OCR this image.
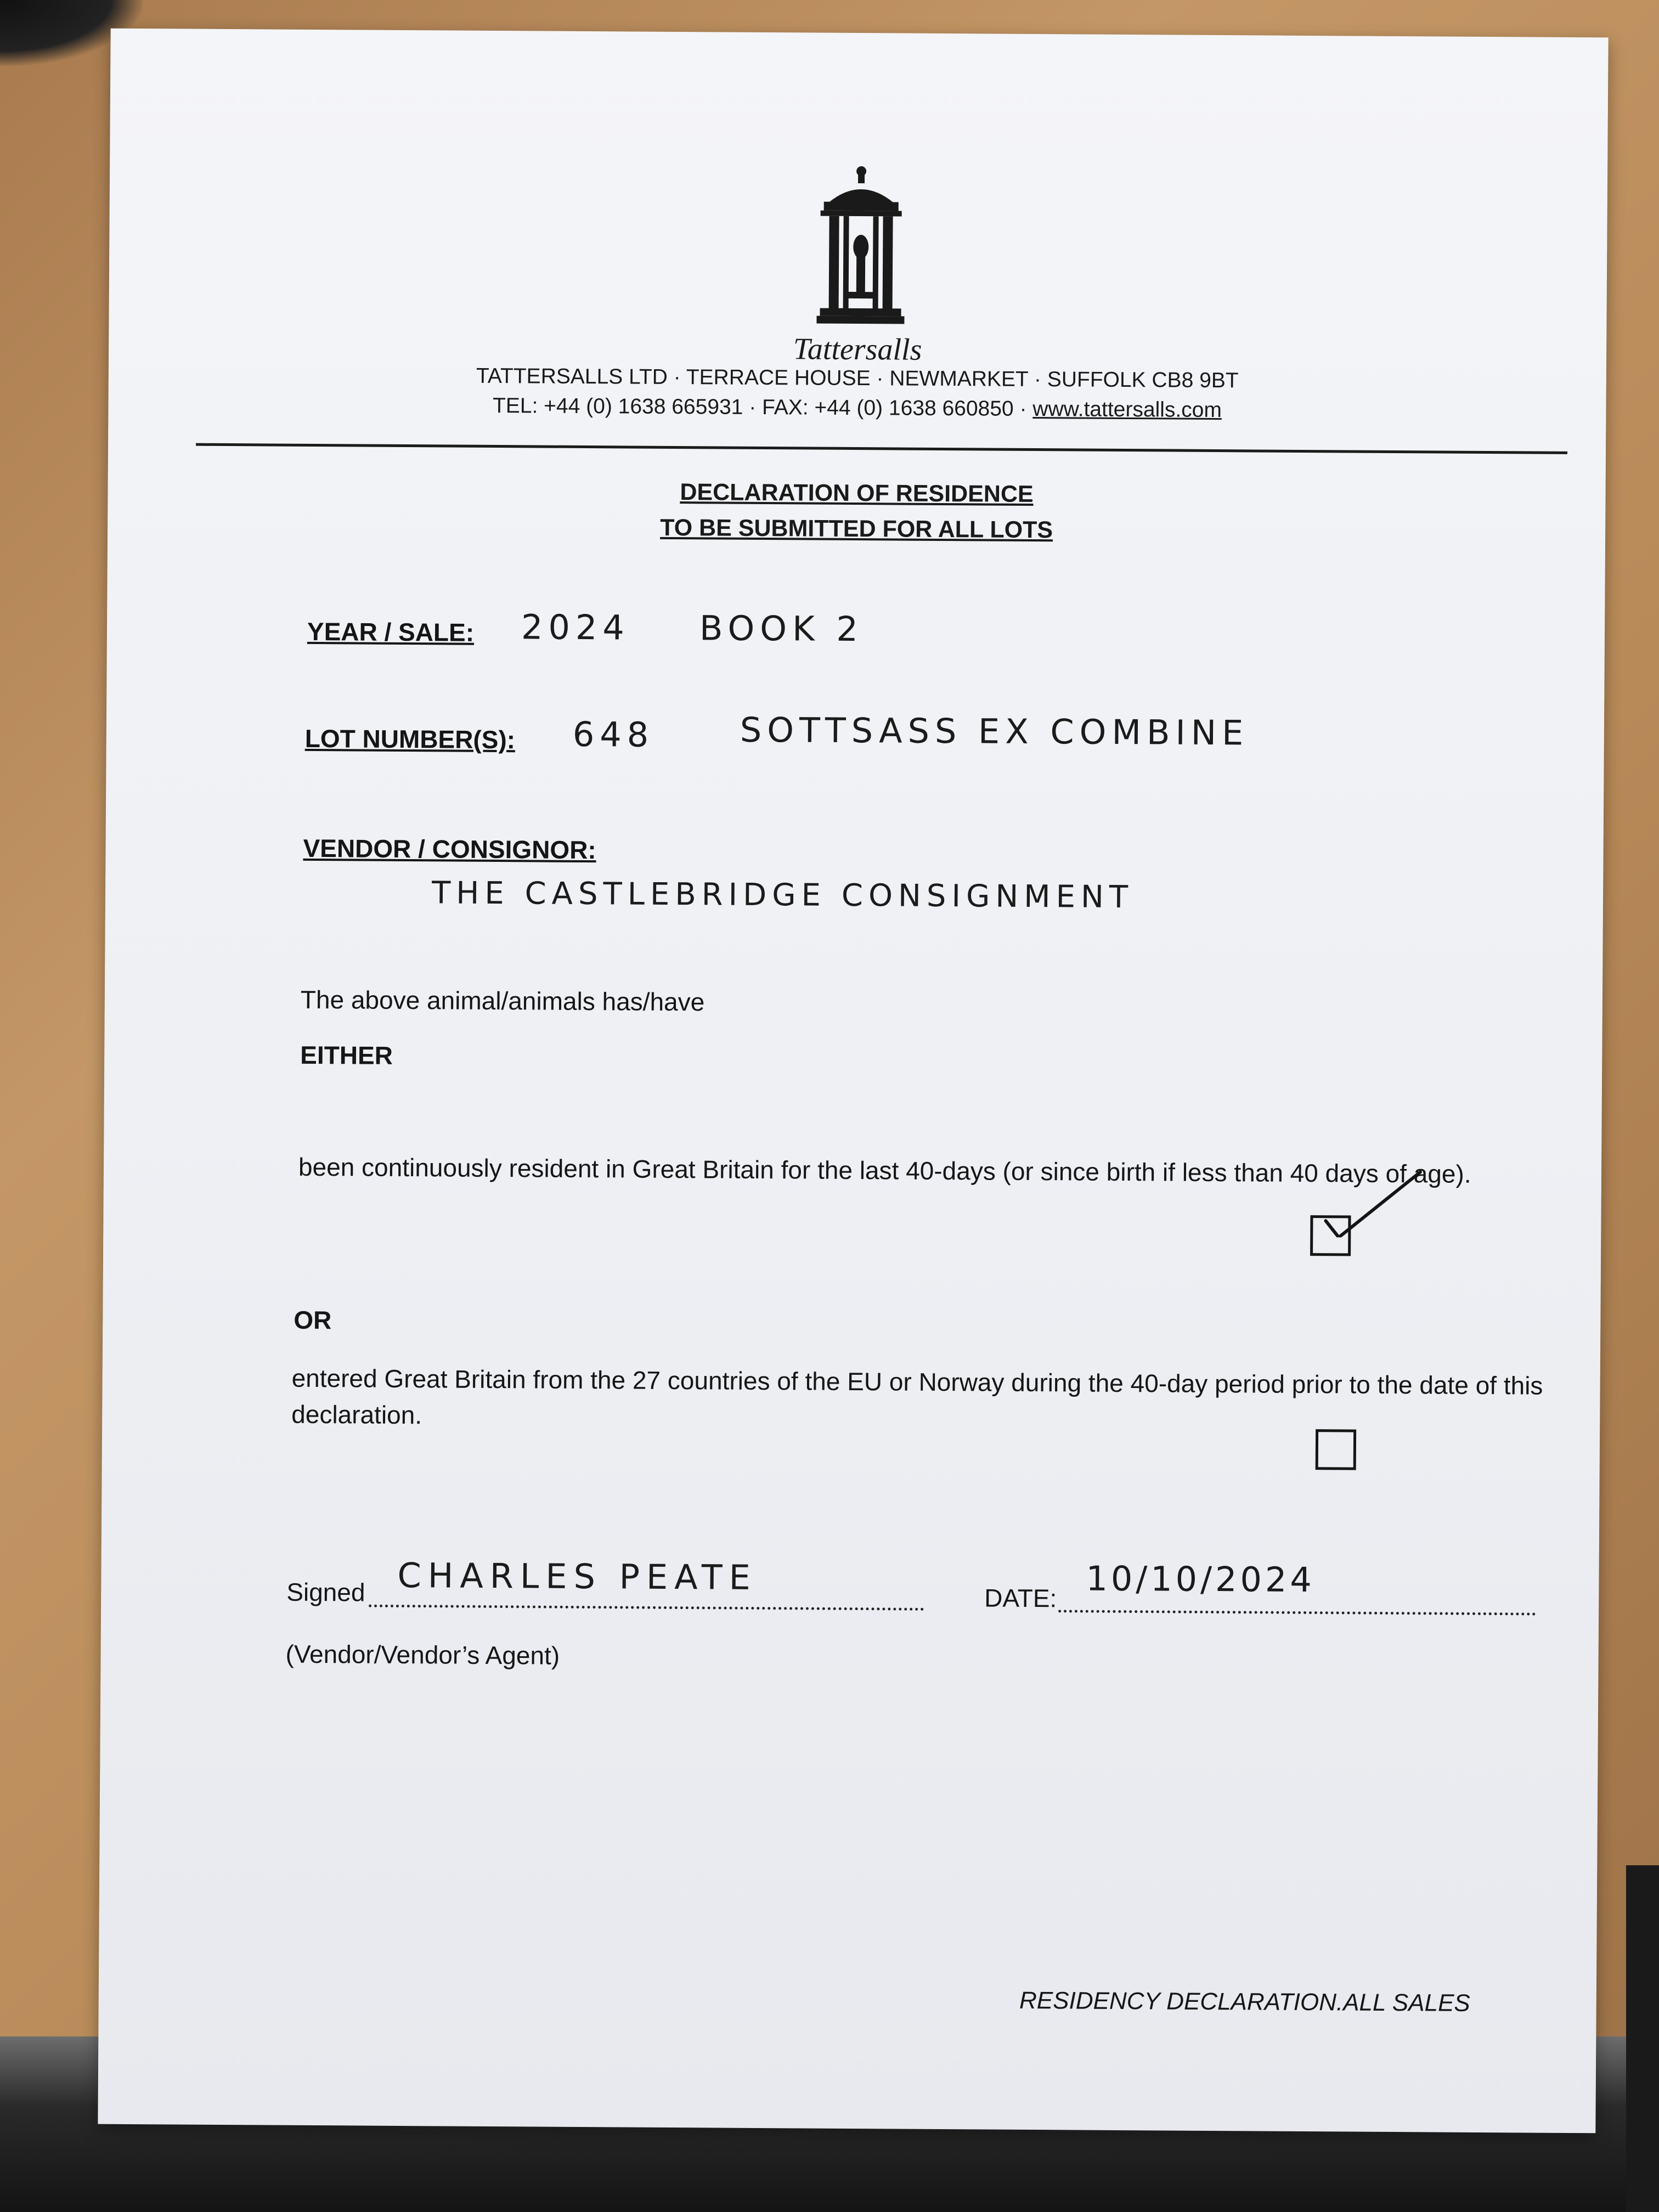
Tattersalls
TATTERSALLS LTD · TERRACE HOUSE · NEWMARKET · SUFFOLK CB8 9BT
TEL: +44 (0) 1638 665931 · FAX: +44 (0) 1638 660850 · www.tattersalls.com
DECLARATION OF RESIDENCE
TO BE SUBMITTED FOR ALL LOTS
YEAR / SALE: 2024 BOOK 2
LOT NUMBER(S): 648	SOTTSASS EX COMBINE
VENDOR / CONSIGNOR:
THE CASTLEBRIDGE CONSIGNMENT
The above animal/animals has/have
EITHER
been continuously resident in Great Britain for the last 40-days (or since birth if less than 40 days of age).
OR
entered Great Britain from the 27 countries of the EU or Norway during the 40-day period prior to the date of this declaration.
Signed CHARLES PEATE
DATE: 10/10/2024
(Vendor/Vendor’s Agent)
RESIDENCY DECLARATION.ALL SALES
